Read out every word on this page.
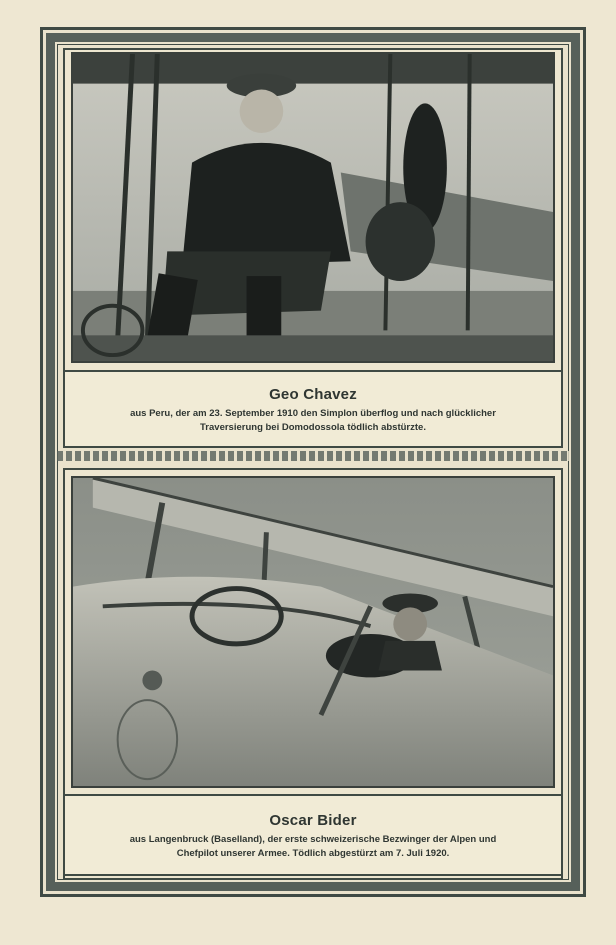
Geo Chavez

aus Peru, der am 23. September 1910 den Simplon überflog und nach glücklicher

Traversierung bei Domodossola tödlich abstürzte.

Oscar Bider

aus Langenbruck (Baselland), der erste schweizerische Bezwinger der Alpen und

Chefpilot unserer Armee. Tödlich abgestürzt am 7. Juli 1920.
